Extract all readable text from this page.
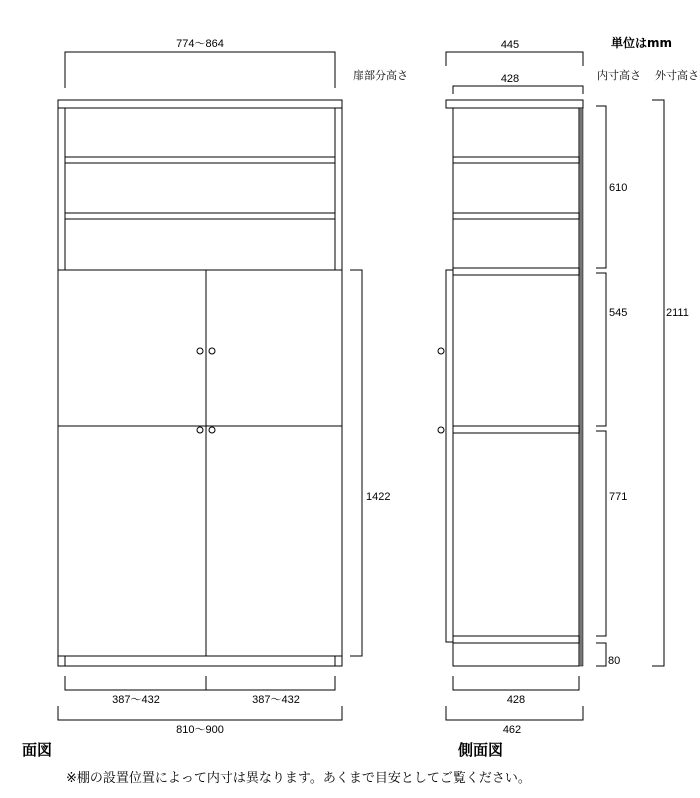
774〜864
扉部分高さ
1422
387〜432	387〜432
810〜900
面図
単位はmm
445
428	内寸高さ 外寸高さ
610
545
771
80
2111
428
462
側面図
※棚の設置位置によって内寸は異なります。あくまで目安としてご覧ください。
